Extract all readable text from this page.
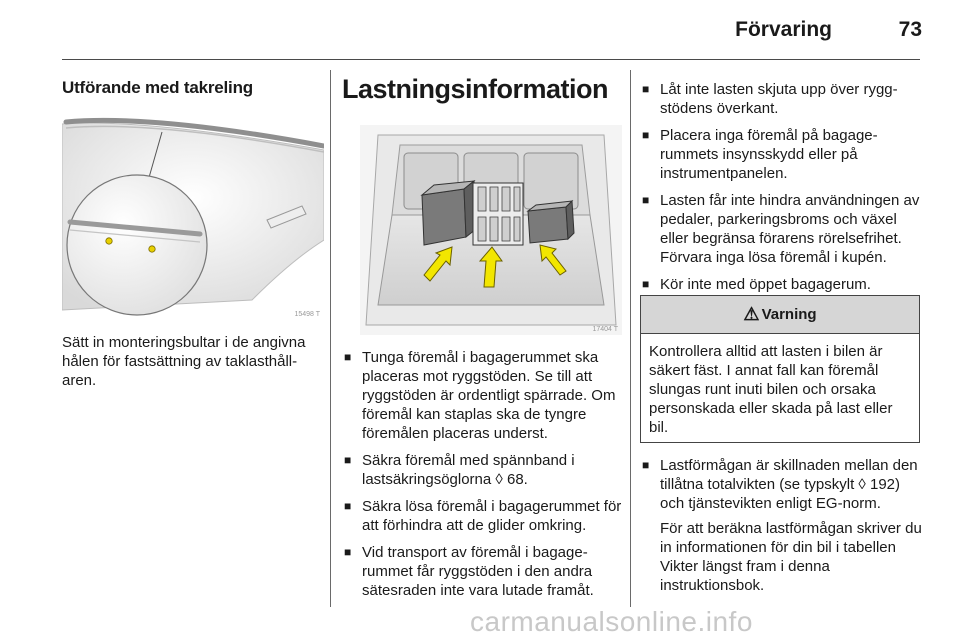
Förvaring	73
Utförande med takreling
15498 T
Sätt in monteringsbultar i de angivna hålen för fastsättning av taklasthållaren.
Lastningsinformation
17404 T
■ Tunga föremål i bagagerummet ska placeras mot ryggstöden. Se till att ryggstöden är ordentligt spärrade. Om föremål kan staplas ska de tyngre föremålen placeras underst.
■ Säkra föremål med spännband i lastsäkringsöglorna ◊ 68.
■ Säkra lösa föremål i bagagerummet för att förhindra att de glider omkring.
■ Vid transport av föremål i bagagerummet får ryggstöden i den andra sätesraden inte vara lutade framåt.
■ Låt inte lasten skjuta upp över ryggstödens överkant.
■ Placera inga föremål på bagagerummets insynsskydd eller på instrumentpanelen.
■ Lasten får inte hindra användningen av pedaler, parkeringsbroms och växel eller begränsa förarens rörelsefrihet. Förvara inga lösa föremål i kupén.
■ Kör inte med öppet bagagerum.
⚠ Varning
Kontrollera alltid att lasten i bilen är säkert fäst. I annat fall kan föremål slungas runt inuti bilen och orsaka personskada eller skada på last eller bil.
■ Lastförmågan är skillnaden mellan den tillåtna totalvikten (se typskylt ◊ 192) och tjänstevikten enligt EG-norm.
För att beräkna lastförmågan skriver du in informationen för din bil i tabellen Vikter längst fram i denna instruktionsbok.
carmanualsonline.info
